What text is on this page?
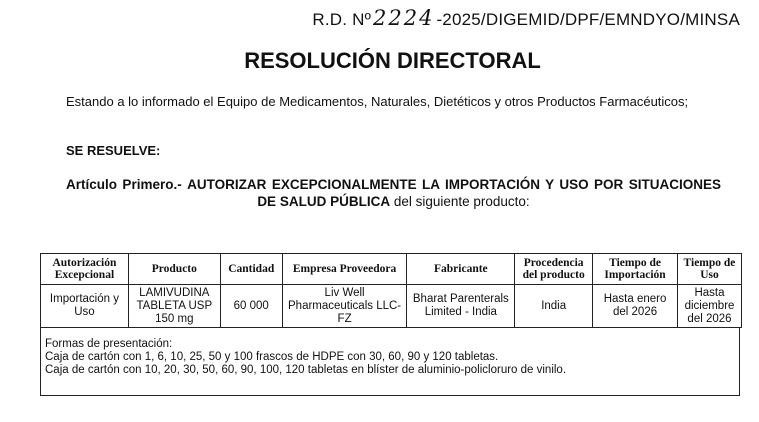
R.D. Nº2224 -2025/DIGEMID/DPF/EMNDYO/MINSA
RESOLUCIÓN DIRECTORAL
Estando a lo informado el Equipo de Medicamentos, Naturales, Dietéticos y otros Productos Farmacéuticos;
SE RESUELVE:
Artículo Primero.- AUTORIZAR EXCEPCIONALMENTE LA IMPORTACIÓN Y USO POR SITUACIONES DE SALUD PÚBLICA del siguiente producto:
Autorización Excepcional	Producto	Cantidad	Empresa Proveedora	Fabricante	Procedencia del producto	Tiempo de Importación	Tiempo de Uso
Importación y Uso	LAMIVUDINA TABLETA USP 150 mg	60 000	Liv Well Pharmaceuticals LLC-FZ	Bharat Parenterals Limited - India	India	Hasta enero del 2026	Hasta diciembre del 2026
Formas de presentación:
Caja de cartón con 1, 6, 10, 25, 50 y 100 frascos de HDPE con 30, 60, 90 y 120 tabletas.
Caja de cartón con 10, 20, 30, 50, 60, 90, 100, 120 tabletas en blíster de aluminio-policloruro de vinilo.
